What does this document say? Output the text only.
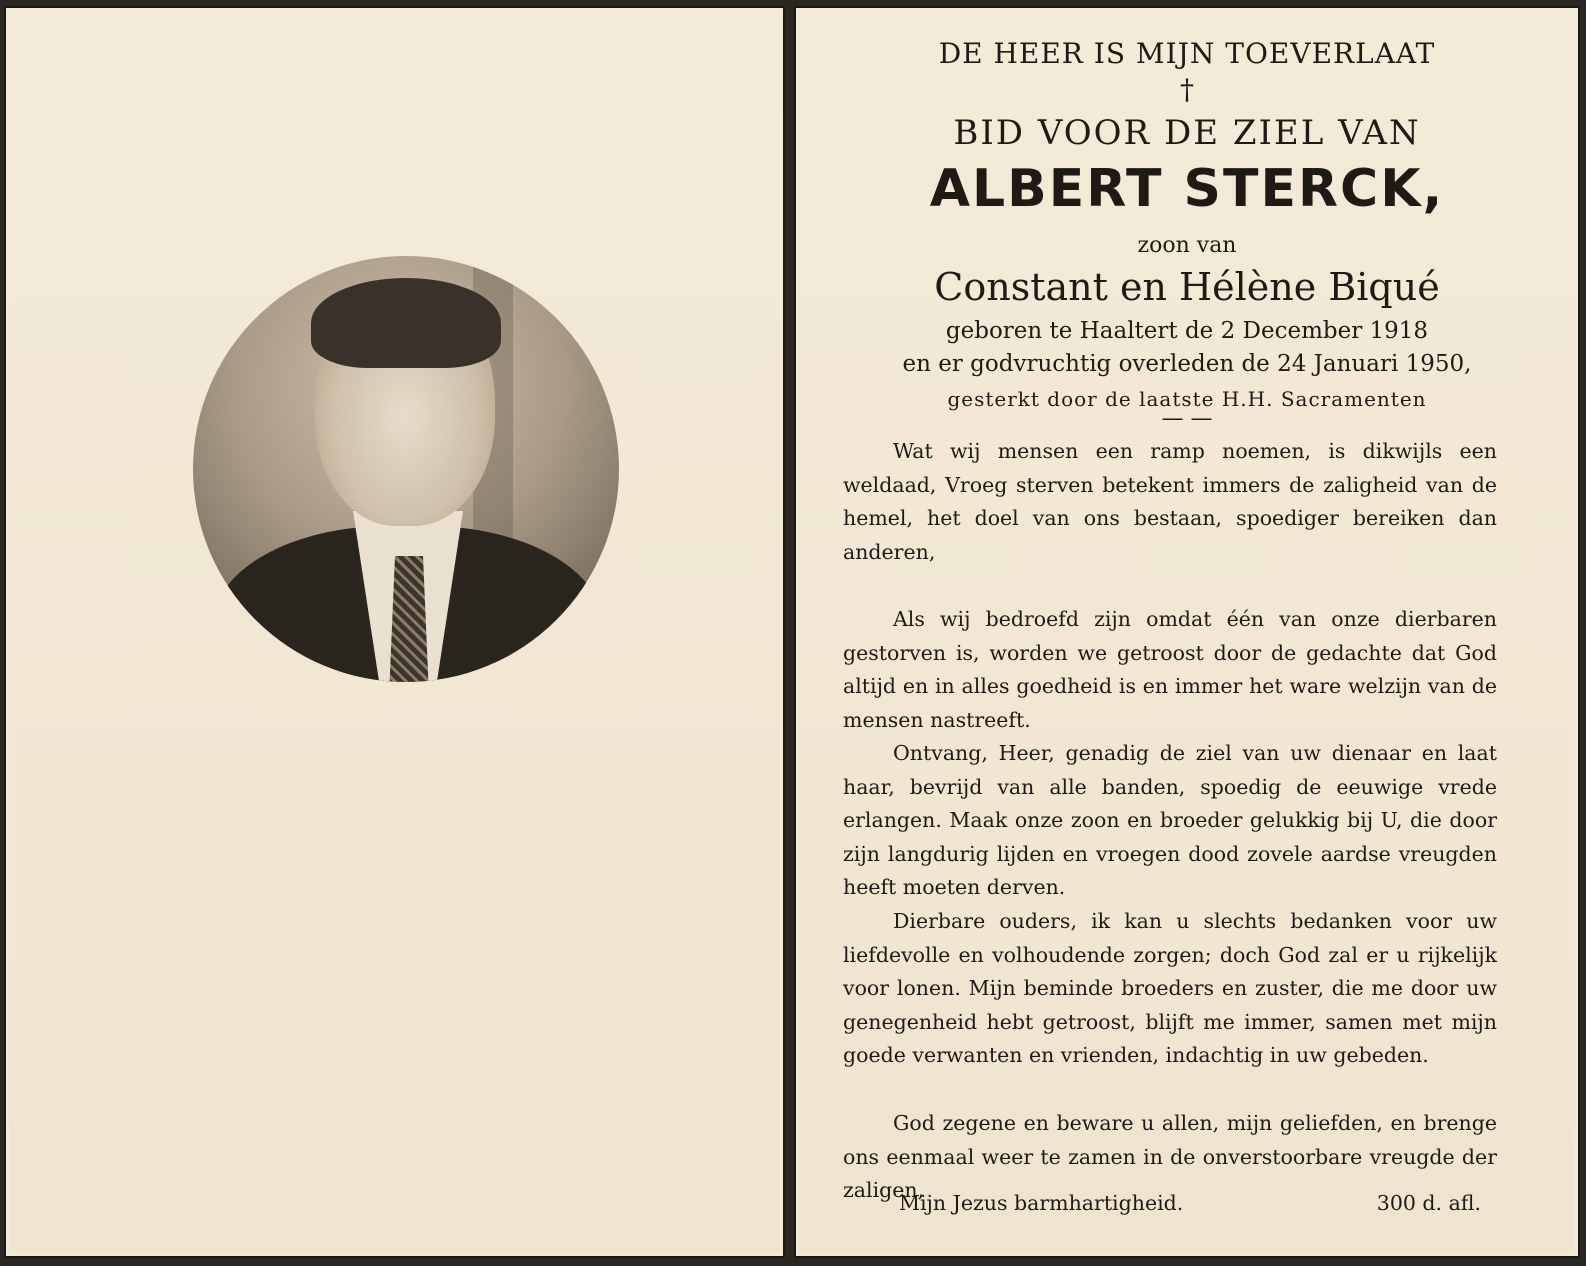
DE HEER IS MIJN TOEVERLAAT
†
BID VOOR DE ZIEL VAN
ALBERT STERCK,
zoon van
Constant en Hélène Biqué
geboren te Haaltert de 2 December 1918
en er godvruchtig overleden de 24 Januari 1950,
gesterkt door de laatste H.H. Sacramenten
— —
Wat wij mensen een ramp noemen, is dikwijls een weldaad, Vroeg sterven betekent immers de zaligheid van de hemel, het doel van ons bestaan, spoediger bereiken dan anderen,
Als wij bedroefd zijn omdat één van onze dierbaren gestorven is, worden we getroost door de gedachte dat God altijd en in alles goedheid is en immer het ware welzijn van de mensen nastreeft.
Ontvang, Heer, genadig de ziel van uw dienaar en laat haar, bevrijd van alle banden, spoedig de eeuwige vrede erlangen. Maak onze zoon en broeder gelukkig bij U, die door zijn langdurig lijden en vroegen dood zovele aardse vreugden heeft moeten derven.
Dierbare ouders, ik kan u slechts bedanken voor uw liefdevolle en volhoudende zorgen; doch God zal er u rijkelijk voor lonen. Mijn beminde broeders en zuster, die me door uw genegenheid hebt getroost, blijft me immer, samen met mijn goede verwanten en vrienden, indachtig in uw gebeden.
God zegene en beware u allen, mijn geliefden, en brenge ons eenmaal weer te zamen in de onverstoorbare vreugde der zaligen,
Mijn Jezus barmhartigheid.	300 d. afl.
